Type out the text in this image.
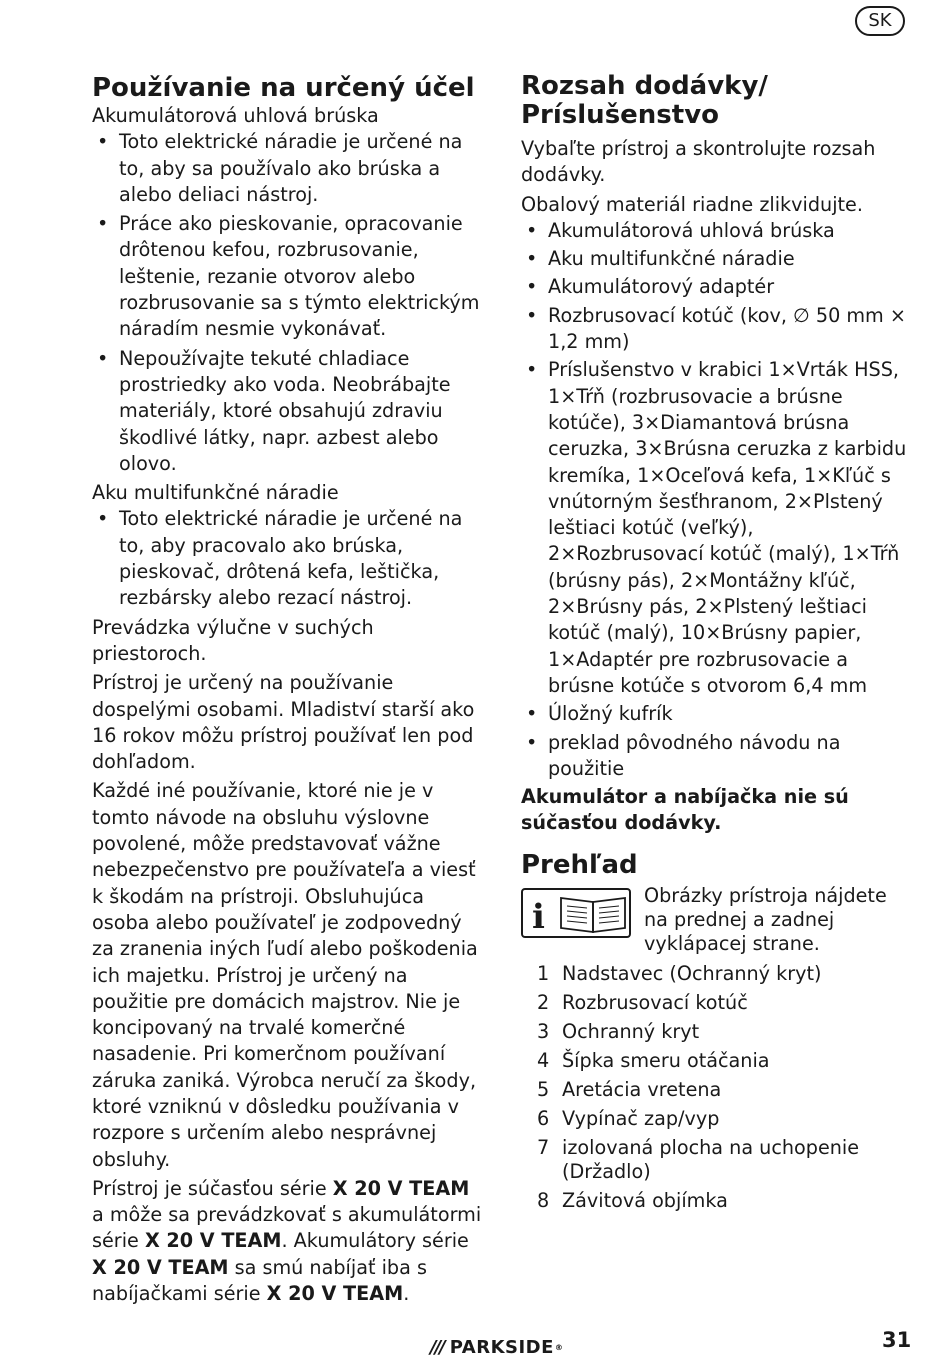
SK
Používanie na určený účel

Akumulátorová uhlová brúska

• Toto elektrické náradie je určené na to, aby sa používalo ako brúska a alebo deliaci nástroj.
• Práce ako pieskovanie, opracovanie drôtenou kefou, rozbrusovanie, leštenie, rezanie otvorov alebo rozbrusovanie sa s týmto elektrickým náradím nesmie vykonávať.
• Nepoužívajte tekuté chladiace prostriedky ako voda. Neobrábajte materiály, ktoré obsahujú zdraviu škodlivé látky, napr. azbest alebo olovo.

Aku multifunkčné náradie

• Toto elektrické náradie je určené na to, aby pracovalo ako brúska, pieskovač, drôtená kefa, leštička, rezbársky alebo rezací nástroj.

Prevádzka výlučne v suchých priestoroch.

Prístroj je určený na používanie dospelými osobami. Mladiství starší ako 16 rokov môžu prístroj používať len pod dohľadom.

Každé iné používanie, ktoré nie je v tomto návode na obsluhu výslovne povolené, môže predstavovať vážne nebezpečenstvo pre používateľa a viesť k škodám na prístroji. Obsluhujúca osoba alebo používateľ je zodpovedný za zranenia iných ľudí alebo poškodenia ich majetku. Prístroj je určený na použitie pre domácich majstrov. Nie je koncipovaný na trvalé komerčné nasadenie. Pri komerčnom používaní záruka zaniká. Výrobca neručí za škody, ktoré vzniknú v dôsledku používania v rozpore s určením alebo nesprávnej obsluhy.

Prístroj je súčasťou série X 20 V TEAM a môže sa prevádzkovať s akumulátormi série X 20 V TEAM. Akumulátory série X 20 V TEAM sa smú nabíjať iba s nabíjačkami série X 20 V TEAM.

Rozsah dodávky/ Príslušenstvo

Vybaľte prístroj a skontrolujte rozsah dodávky.

Obalový materiál riadne zlikvidujte.

• Akumulátorová uhlová brúska
• Aku multifunkčné náradie
• Akumulátorový adaptér
• Rozbrusovací kotúč (kov, ∅ 50 mm × 1,2 mm)
• Príslušenstvo v krabici 1×Vrták HSS, 1×Tŕň (rozbrusovacie a brúsne kotúče), 3×Diamantová brúsna ceruzka, 3×Brúsna ceruzka z karbidu kremíka, 1×Oceľová kefa, 1×Kľúč s vnútorným šesťhranom, 2×Plstený leštiaci kotúč (veľký), 2×Rozbrusovací kotúč (malý), 1×Tŕň (brúsny pás), 2×Montážny kľúč, 2×Brúsny pás, 2×Plstený leštiaci kotúč (malý), 10×Brúsny papier, 1×Adaptér pre rozbrusovacie a brúsne kotúče s otvorom 6,4 mm
• Úložný kufrík
• preklad pôvodného návodu na použitie

Akumulátor a nabíjačka nie sú súčasťou dodávky.

Prehľad
i
Obrázky prístroja nájdete na prednej a zadnej vyklápacej strane.
1 Nadstavec (Ochranný kryt)
2 Rozbrusovací kotúč
3 Ochranný kryt
4 Šípka smeru otáčania
5 Aretácia vretena
6 Vypínač zap/vyp
7 izolovaná plocha na uchopenie (Držadlo)
8 Závitová objímka
/// PARKSIDE ®	31
